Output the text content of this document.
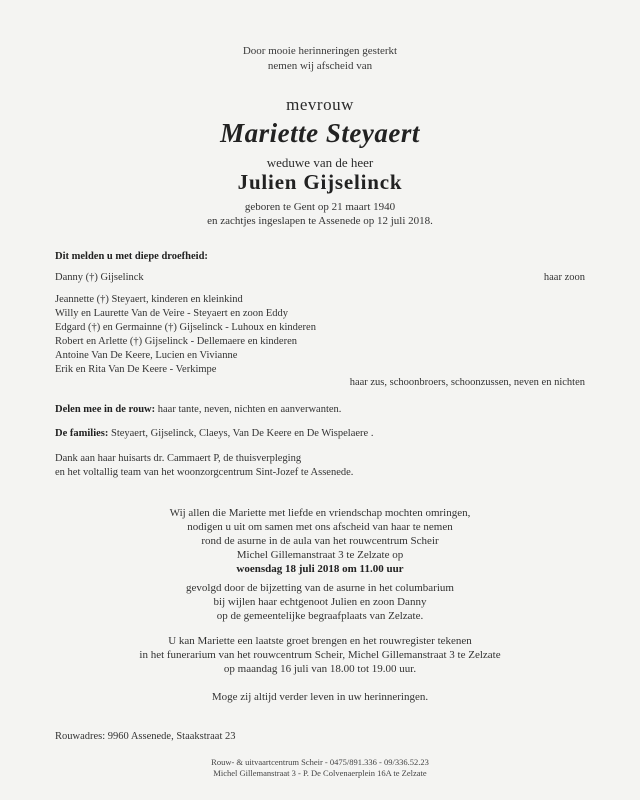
Door mooie herinneringen gesterkt
nemen wij afscheid van
mevrouw
Mariette Steyaert
weduwe van de heer
Julien Gijselinck
geboren te Gent op 21 maart 1940
en zachtjes ingeslapen te Assenede op 12 juli 2018.
Dit melden u met diepe droefheid:
Danny (†) Gijselinck	haar zoon
Jeannette (†) Steyaert, kinderen en kleinkind
Willy en Laurette Van de Veire - Steyaert en zoon Eddy
Edgard (†) en Germainne (†) Gijselinck - Luhoux en kinderen
Robert en Arlette (†) Gijselinck - Dellemaere en kinderen
Antoine Van De Keere, Lucien en Vivianne
Erik en Rita Van De Keere - Verkimpe
haar zus, schoonbroers, schoonzussen, neven en nichten
Delen mee in de rouw: haar tante, neven, nichten en aanverwanten.
De families: Steyaert, Gijselinck, Claeys, Van De Keere en De Wispelaere .
Dank aan haar huisarts dr. Cammaert P, de thuisverpleging
en het voltallig team van het woonzorgcentrum Sint-Jozef te Assenede.
Wij allen die Mariette met liefde en vriendschap mochten omringen,
nodigen u uit om samen met ons afscheid van haar te nemen
rond de asurne in de aula van het rouwcentrum Scheir
Michel Gillemanstraat 3 te Zelzate op
woensdag 18 juli 2018 om 11.00 uur
gevolgd door de bijzetting van de asurne in het columbarium
bij wijlen haar echtgenoot Julien en zoon Danny
op de gemeentelijke begraafplaats van Zelzate.
U kan Mariette een laatste groet brengen en het rouwregister tekenen
in het funerarium van het rouwcentrum Scheir, Michel Gillemanstraat 3 te Zelzate
op maandag 16 juli van 18.00 tot 19.00 uur.
Moge zij altijd verder leven in uw herinneringen.
Rouwadres: 9960 Assenede, Staakstraat 23
Rouw- & uitvaartcentrum Scheir - 0475/891.336 - 09/336.52.23
Michel Gillemanstraat 3 - P. De Colvenaerplein 16A te Zelzate
